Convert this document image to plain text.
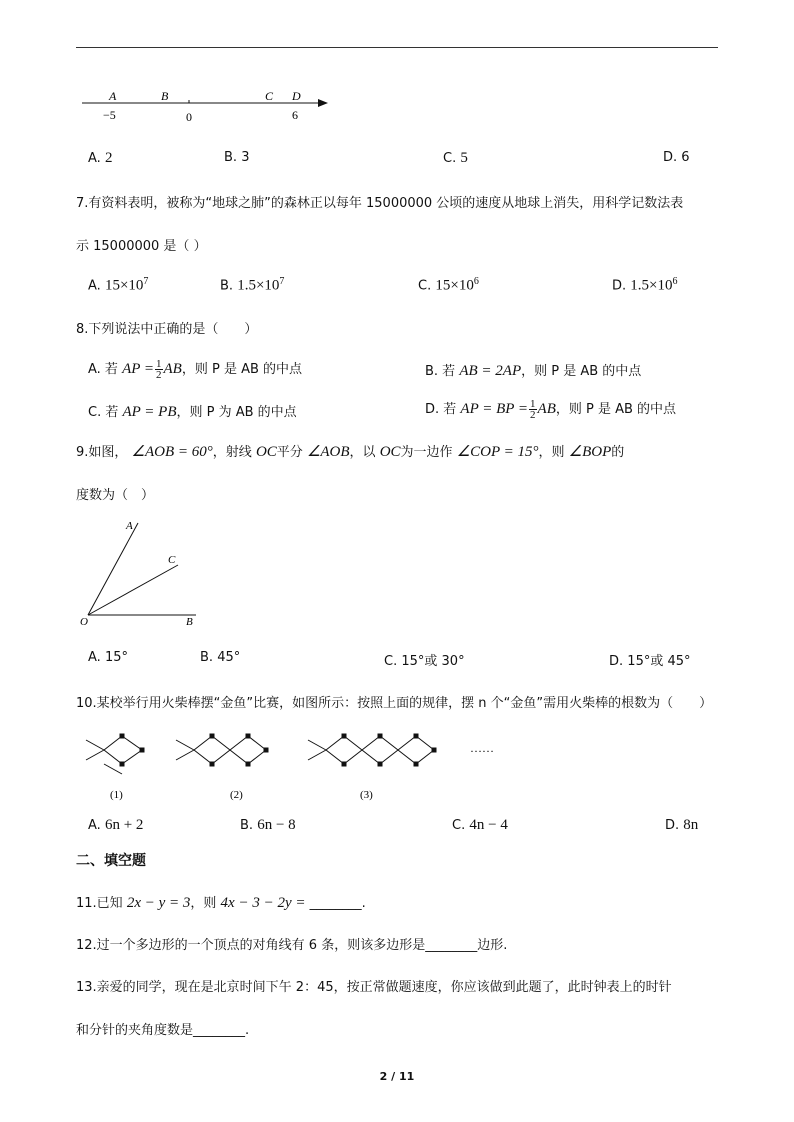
A	B	C D
−5	0	6
A. 2	B. 3	C. 5	D. 6
7.有资料表明，被称为“地球之肺”的森林正以每年 15000000 公顷的速度从地球上消失，用科学记数法表
示 15000000 是（ ）
A. $15\times 10^7$	B. $1.5\times 10^7$	C. $15\times 10^6$	D. $1.5\times 10^6$
8.下列说法中正确的是（　　）
A. 若 AP = $\frac{1}{2}$ AB，则 P 是 AB 的中点	B. 若 AB = 2AP，则 P 是 AB 的中点
C. 若 AP = PB，则 P 为 AB 的中点	D. 若 AP = BP = $\frac{1}{2}$ AB，则 P 是 AB 的中点
9.如图， ∠AOB = 60°，射线 OC平分 ∠AOB，以 OC为一边作 ∠COP = 15°，则 ∠BOP的
度数为（　）
A
C
O	B
A. 15°	B. 45°	C. 15°或 30°	D. 15°或 45°
10.某校举行用火柴棒摆“金鱼”比赛，如图所示：按照上面的规律，摆 n 个“金鱼”需用火柴棒的根数为（　　）
……
(1)	(2)	(3)
A. 6n + 2	B. 6n − 8	C. 4n − 4	D. 8n
二、填空题
11.已知 2x − y = 3，则 4x − 3 − 2y = ________.
12.过一个多边形的一个顶点的对角线有 6 条，则该多边形是________边形.
13.亲爱的同学，现在是北京时间下午 2：45，按正常做题速度，你应该做到此题了，此时钟表上的时针
和分针的夹角度数是________.
2 / 11
